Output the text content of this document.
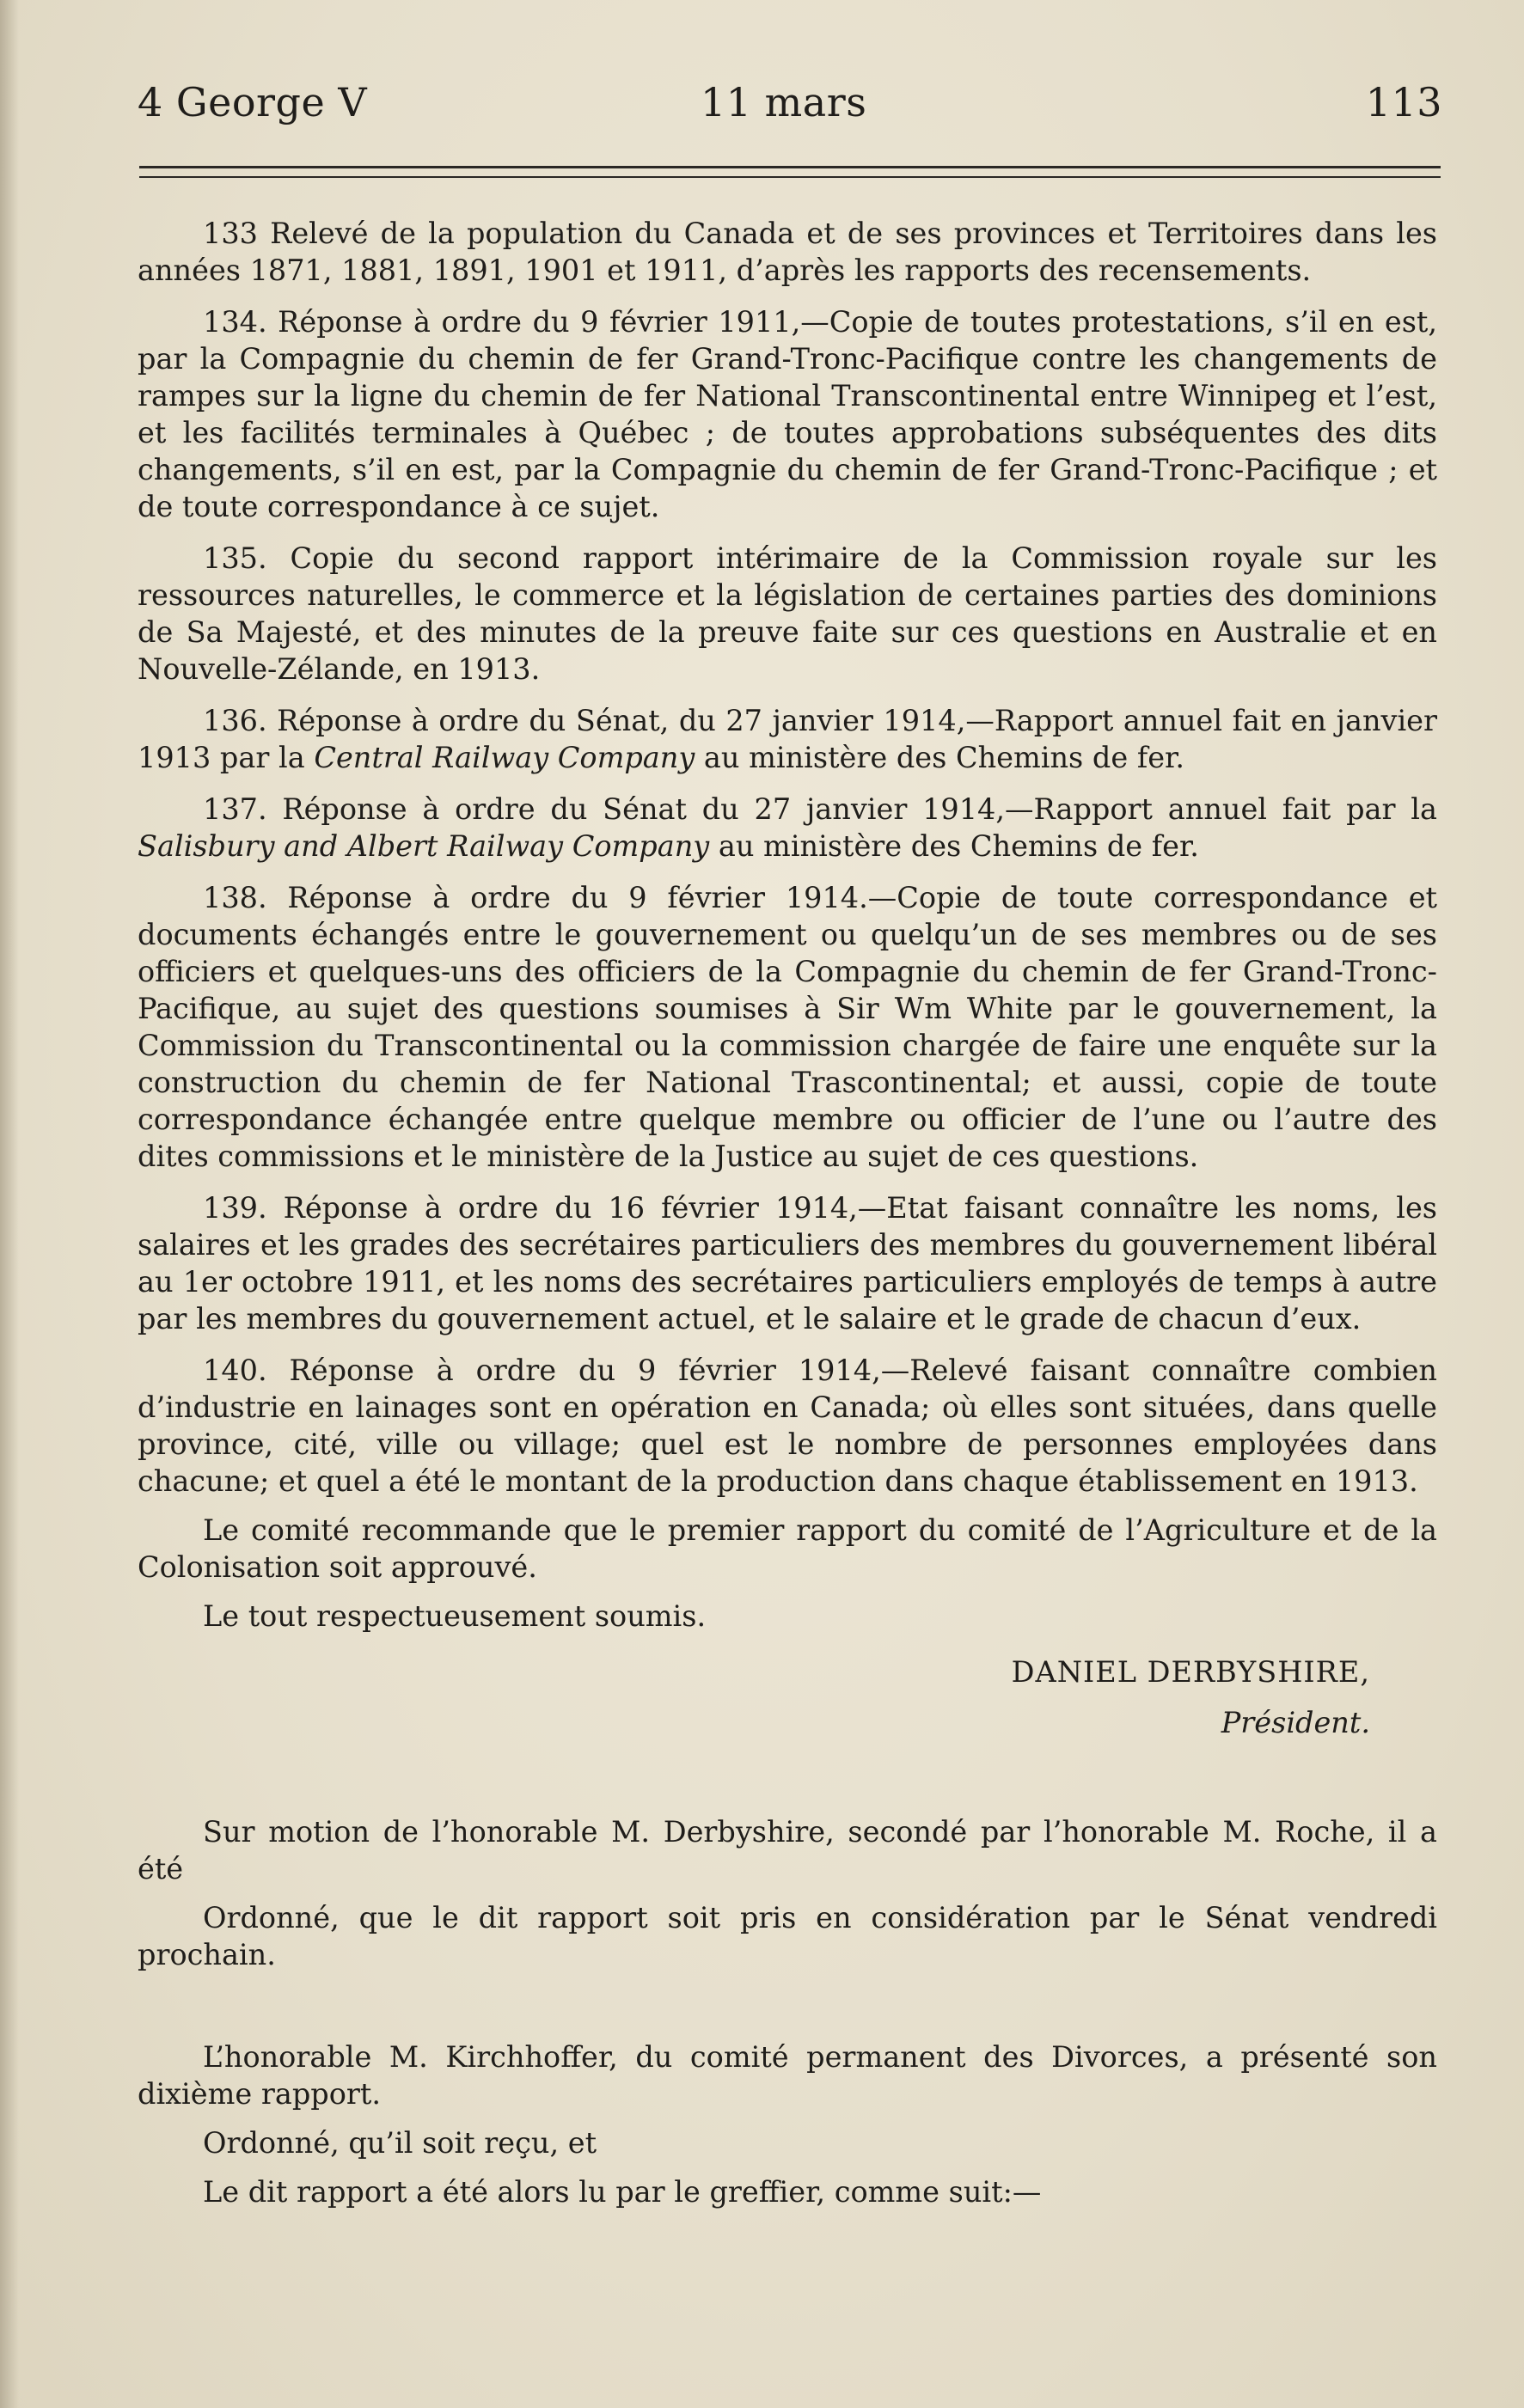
4 George V	11 mars	113

133 Relevé de la population du Canada et de ses provinces et Territoires dans les années 1871, 1881, 1891, 1901 et 1911, d’après les rapports des recensements.

134. Réponse à ordre du 9 février 1911,—Copie de toutes protestations, s’il en est, par la Compagnie du chemin de fer Grand-Tronc-Pacifique contre les changements de rampes sur la ligne du chemin de fer National Transcontinental entre Winnipeg et l’est, et les facilités terminales à Québec ; de toutes approbations subséquentes des dits changements, s’il en est, par la Compagnie du chemin de fer Grand-Tronc-Pacifique ; et de toute correspondance à ce sujet.

135. Copie du second rapport intérimaire de la Commission royale sur les ressources naturelles, le commerce et la législation de certaines parties des dominions de Sa Majesté, et des minutes de la preuve faite sur ces questions en Australie et en Nouvelle-Zélande, en 1913.

136. Réponse à ordre du Sénat, du 27 janvier 1914,—Rapport annuel fait en janvier 1913 par la Central Railway Company au ministère des Chemins de fer.

137. Réponse à ordre du Sénat du 27 janvier 1914,—Rapport annuel fait par la Salisbury and Albert Railway Company au ministère des Chemins de fer.

138. Réponse à ordre du 9 février 1914.—Copie de toute correspondance et documents échangés entre le gouvernement ou quelqu’un de ses membres ou de ses officiers et quelques-uns des officiers de la Compagnie du chemin de fer Grand-Tronc-Pacifique, au sujet des questions soumises à Sir Wm White par le gouvernement, la Commission du Transcontinental ou la commission chargée de faire une enquête sur la construction du chemin de fer National Trascontinental; et aussi, copie de toute correspondance échangée entre quelque membre ou officier de l’une ou l’autre des dites commissions et le ministère de la Justice au sujet de ces questions.

139. Réponse à ordre du 16 février 1914,—Etat faisant connaître les noms, les salaires et les grades des secrétaires particuliers des membres du gouvernement libéral au 1er octobre 1911, et les noms des secrétaires particuliers employés de temps à autre par les membres du gouvernement actuel, et le salaire et le grade de chacun d’eux.

140. Réponse à ordre du 9 février 1914,—Relevé faisant connaître combien d’industrie en lainages sont en opération en Canada; où elles sont situées, dans quelle province, cité, ville ou village; quel est le nombre de personnes employées dans chacune; et quel a été le montant de la production dans chaque établissement en 1913.

Le comité recommande que le premier rapport du comité de l’Agriculture et de la Colonisation soit approuvé.

Le tout respectueusement soumis.

DANIEL DERBYSHIRE,
Président.

Sur motion de l’honorable M. Derbyshire, secondé par l’honorable M. Roche, il a été

Ordonné, que le dit rapport soit pris en considération par le Sénat vendredi prochain.

L’honorable M. Kirchhoffer, du comité permanent des Divorces, a présenté son dixième rapport.

Ordonné, qu’il soit reçu, et

Le dit rapport a été alors lu par le greffier, comme suit:—
